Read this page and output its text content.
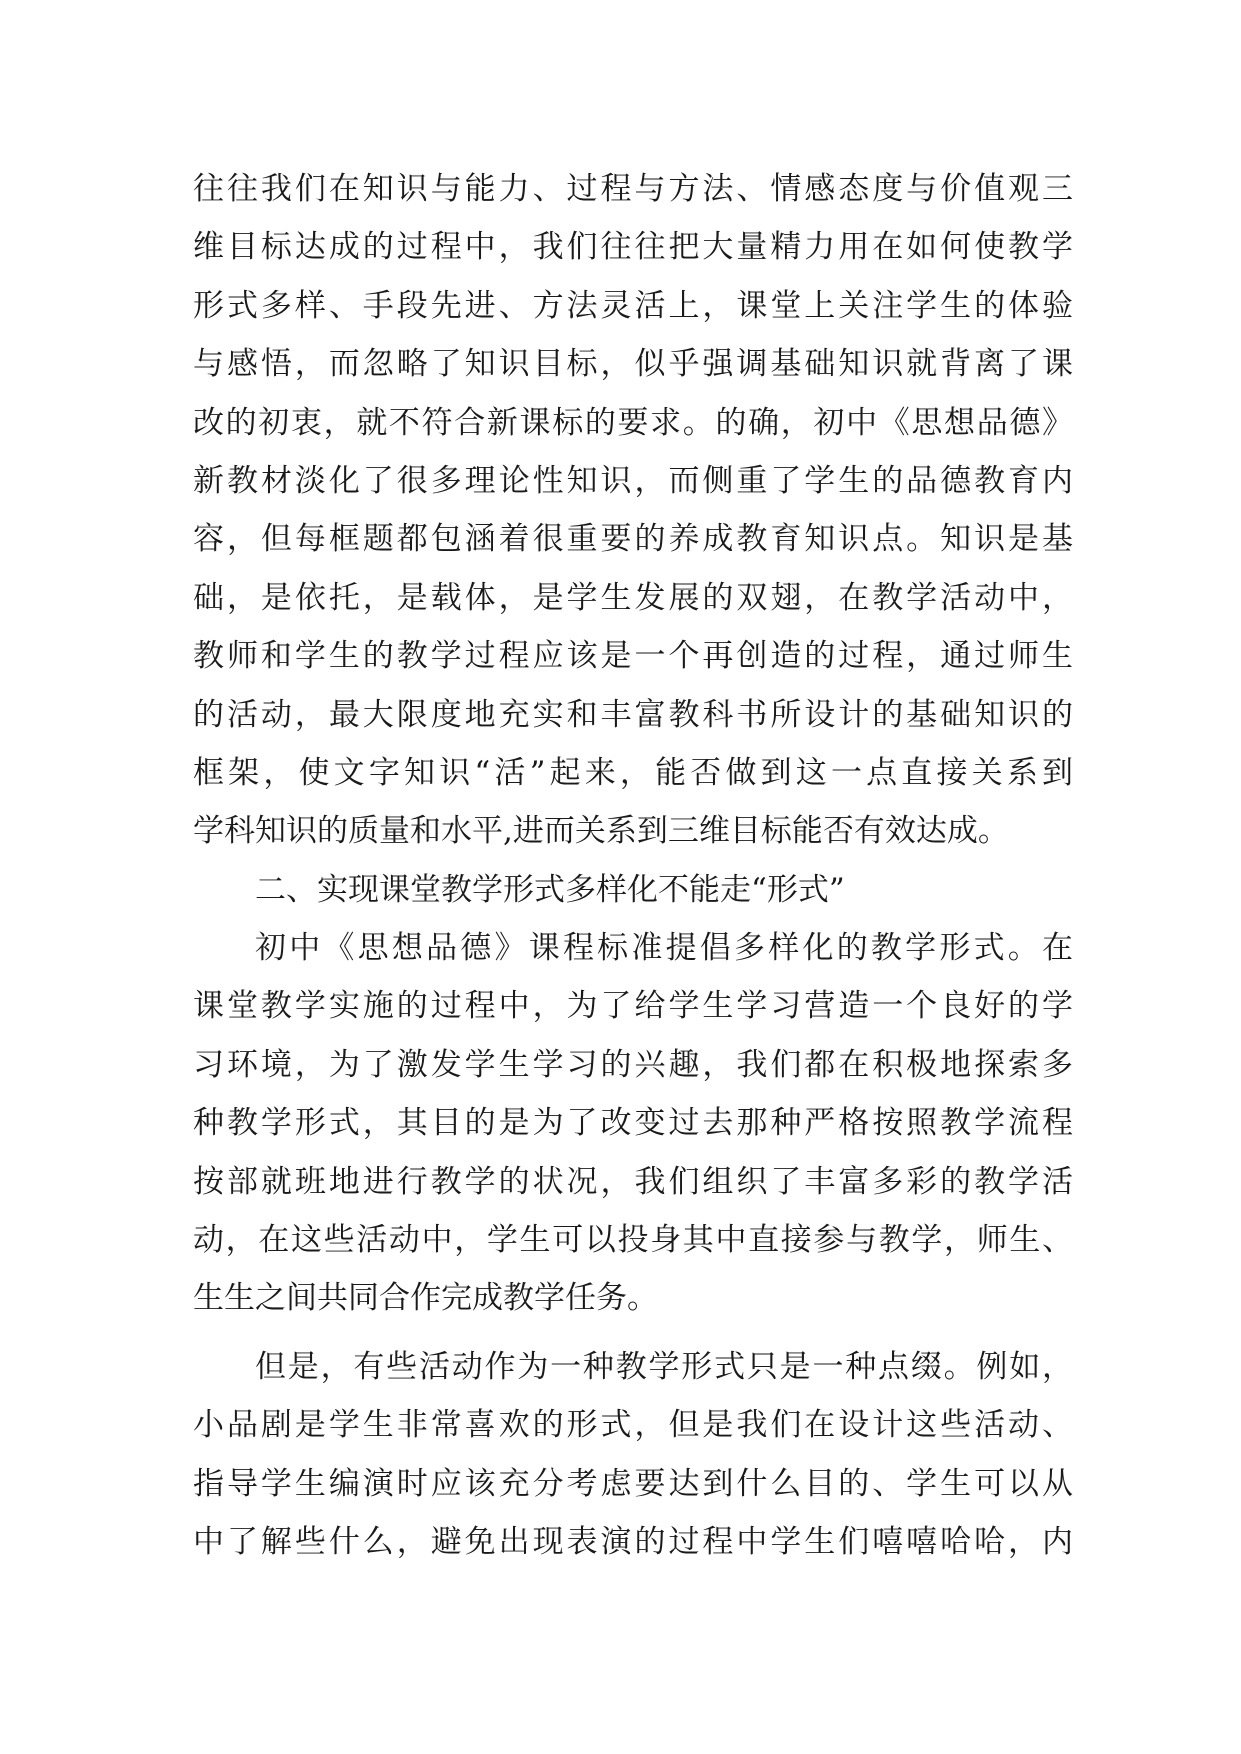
往往我们在知识与能力、过程与方法、情感态度与价值观三
维目标达成的过程中，我们往往把大量精力用在如何使教学
形式多样、手段先进、方法灵活上，课堂上关注学生的体验
与感悟，而忽略了知识目标，似乎强调基础知识就背离了课
改的初衷，就不符合新课标的要求。的确，初中《思想品德》
新教材淡化了很多理论性知识，而侧重了学生的品德教育内
容，但每框题都包涵着很重要的养成教育知识点。知识是基
础，是依托，是载体，是学生发展的双翅，在教学活动中，
教师和学生的教学过程应该是一个再创造的过程，通过师生
的活动，最大限度地充实和丰富教科书所设计的基础知识的
框架，使文字知识“活”起来，能否做到这一点直接关系到
学科知识的质量和水平,进而关系到三维目标能否有效达成。
二、实现课堂教学形式多样化不能走“形式”
初中《思想品德》课程标准提倡多样化的教学形式。在
课堂教学实施的过程中，为了给学生学习营造一个良好的学
习环境，为了激发学生学习的兴趣，我们都在积极地探索多
种教学形式，其目的是为了改变过去那种严格按照教学流程
按部就班地进行教学的状况，我们组织了丰富多彩的教学活
动，在这些活动中，学生可以投身其中直接参与教学，师生、
生生之间共同合作完成教学任务。
但是，有些活动作为一种教学形式只是一种点缀。例如，
小品剧是学生非常喜欢的形式，但是我们在设计这些活动、
指导学生编演时应该充分考虑要达到什么目的、学生可以从
中了解些什么，避免出现表演的过程中学生们嘻嘻哈哈，内
